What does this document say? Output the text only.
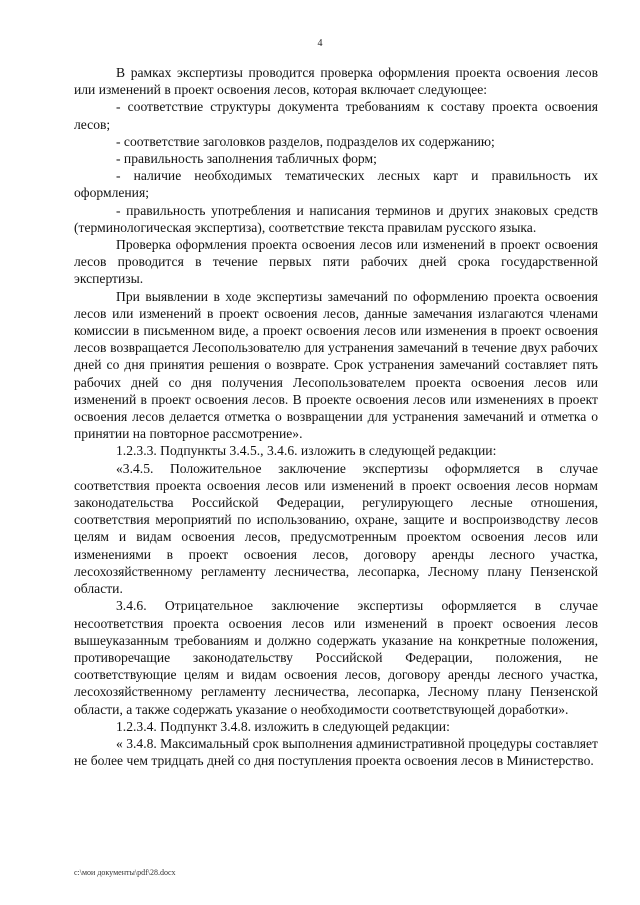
4

В рамках экспертизы проводится проверка оформления проекта освоения лесов или изменений в проект освоения лесов, которая включает следующее:

- соответствие структуры документа требованиям к составу проекта освоения лесов;

- соответствие заголовков разделов, подразделов их содержанию;

- правильность заполнения табличных форм;

- наличие необходимых тематических лесных карт и правильность их оформления;

- правильность употребления и написания терминов и других знаковых средств (терминологическая экспертиза), соответствие текста правилам русского языка.

Проверка оформления проекта освоения лесов или изменений в проект освоения лесов проводится в течение первых пяти рабочих дней срока государственной экспертизы.

При выявлении в ходе экспертизы замечаний по оформлению проекта освоения лесов или изменений в проект освоения лесов, данные замечания излагаются членами комиссии в письменном виде, а проект освоения лесов или изменения в проект освоения лесов возвращается Лесопользователю для устранения замечаний в течение двух рабочих дней со дня принятия решения о возврате. Срок устранения замечаний составляет пять рабочих дней со дня получения Лесопользователем проекта освоения лесов или изменений в проект освоения лесов. В проекте освоения лесов или изменениях в проект освоения лесов делается отметка о возвращении для устранения замечаний и отметка о принятии на повторное рассмотрение».

1.2.3.3. Подпункты 3.4.5., 3.4.6. изложить в следующей редакции:

«3.4.5. Положительное заключение экспертизы оформляется в случае соответствия проекта освоения лесов или изменений в проект освоения лесов нормам законодательства Российской Федерации, регулирующего лесные отношения, соответствия мероприятий по использованию, охране, защите и воспроизводству лесов целям и видам освоения лесов, предусмотренным проектом освоения лесов или изменениями в проект освоения лесов, договору аренды лесного участка, лесохозяйственному регламенту лесничества, лесопарка, Лесному плану Пензенской области.

3.4.6. Отрицательное заключение экспертизы оформляется в случае несоответствия проекта освоения лесов или изменений в проект освоения лесов вышеуказанным требованиям и должно содержать указание на конкретные положения, противоречащие законодательству Российской Федерации, положения, не соответствующие целям и видам освоения лесов, договору аренды лесного участка, лесохозяйственному регламенту лесничества, лесопарка, Лесному плану Пензенской области, а также содержать указание о необходимости соответствующей доработки».

1.2.3.4. Подпункт 3.4.8. изложить в следующей редакции:

« 3.4.8. Максимальный срок выполнения административной процедуры составляет не более чем тридцать дней со дня поступления проекта освоения лесов в Министерство.

c:\мои документы\pdf\28.docx
